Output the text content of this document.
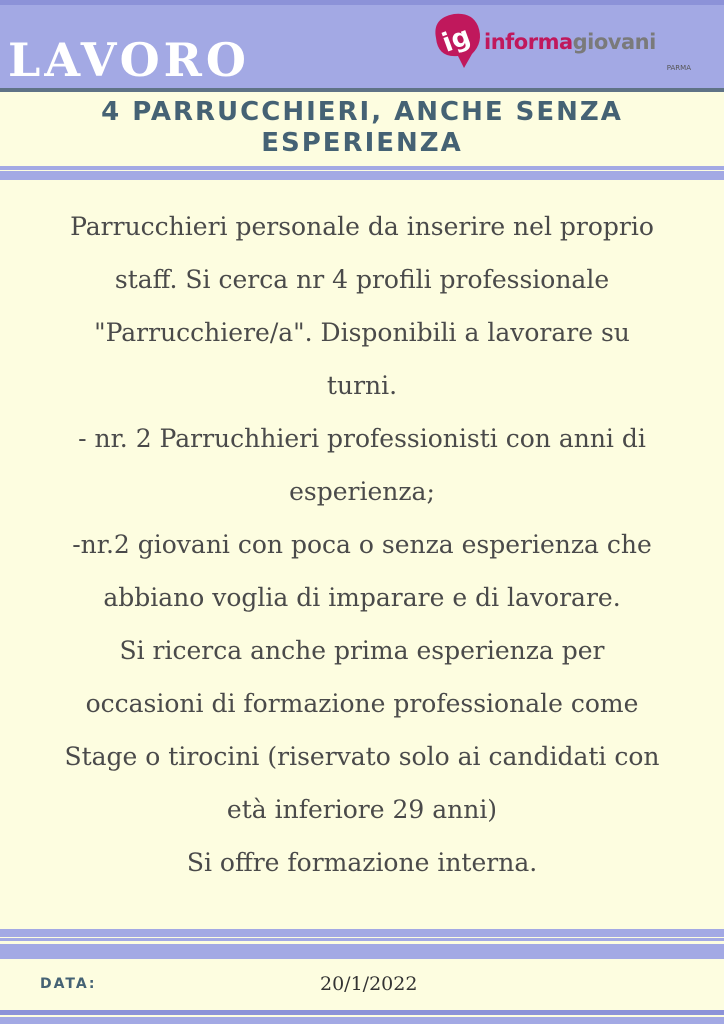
LAVORO	ig informagiovani
PARMA
4 PARRUCCHIERI, ANCHE SENZA
ESPERIENZA
Parrucchieri personale da inserire nel proprio
staff. Si cerca nr 4 profili professionale
"Parrucchiere/a". Disponibili a lavorare su
turni.
- nr. 2 Parruchhieri professionisti con anni di
esperienza;
-nr.2 giovani con poca o senza esperienza che
abbiano voglia di imparare e di lavorare.
Si ricerca anche prima esperienza per
occasioni di formazione professionale come
Stage o tirocini (riservato solo ai candidati con
età inferiore 29 anni)
Si offre formazione interna.
DATA:	20/1/2022
